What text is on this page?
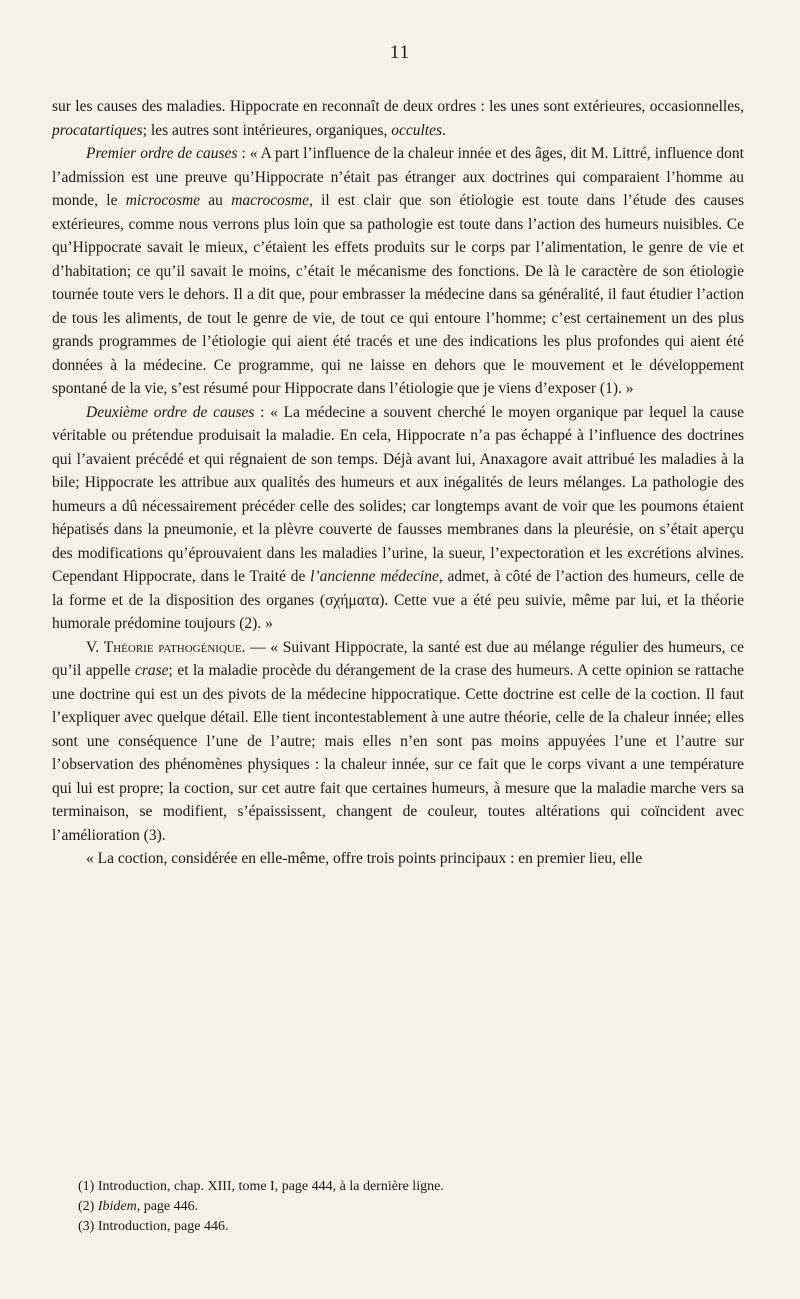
11

sur les causes des maladies. Hippocrate en reconnaît de deux ordres : les unes sont extérieures, occasionnelles, procatartiques; les autres sont intérieures, organiques, occultes.

Premier ordre de causes : « A part l’influence de la chaleur innée et des âges, dit M. Littré, influence dont l’admission est une preuve qu’Hippocrate n’était pas étranger aux doctrines qui comparaient l’homme au monde, le microcosme au macrocosme, il est clair que son étiologie est toute dans l’étude des causes extérieures, comme nous verrons plus loin que sa pathologie est toute dans l’action des humeurs nuisibles. Ce qu’Hippocrate savait le mieux, c’étaient les effets produits sur le corps par l’alimentation, le genre de vie et d’habitation; ce qu’il savait le moins, c’était le mécanisme des fonctions. De là le caractère de son étiologie tournée toute vers le dehors. Il a dit que, pour embrasser la médecine dans sa généralité, il faut étudier l’action de tous les aliments, de tout le genre de vie, de tout ce qui entoure l’homme; c’est certainement un des plus grands programmes de l’étiologie qui aient été tracés et une des indications les plus profondes qui aient été données à la médecine. Ce programme, qui ne laisse en dehors que le mouvement et le développement spontané de la vie, s’est résumé pour Hippocrate dans l’étiologie que je viens d’exposer (1). »

Deuxième ordre de causes : « La médecine a souvent cherché le moyen organique par lequel la cause véritable ou prétendue produisait la maladie. En cela, Hippocrate n’a pas échappé à l’influence des doctrines qui l’avaient précédé et qui régnaient de son temps. Déjà avant lui, Anaxagore avait attribué les maladies à la bile; Hippocrate les attribue aux qualités des humeurs et aux inégalités de leurs mélanges. La pathologie des humeurs a dû nécessairement précéder celle des solides; car longtemps avant de voir que les poumons étaient hépatisés dans la pneumonie, et la plèvre couverte de fausses membranes dans la pleurésie, on s’était aperçu des modifications qu’éprouvaient dans les maladies l’urine, la sueur, l’expectoration et les excrétions alvines. Cependant Hippocrate, dans le Traité de l’ancienne médecine, admet, à côté de l’action des humeurs, celle de la forme et de la disposition des organes (σχήματα). Cette vue a été peu suivie, même par lui, et la théorie humorale prédomine toujours (2). »

V. Théorie pathogénique. — « Suivant Hippocrate, la santé est due au mélange régulier des humeurs, ce qu’il appelle crase; et la maladie procède du dérangement de la crase des humeurs. A cette opinion se rattache une doctrine qui est un des pivots de la médecine hippocratique. Cette doctrine est celle de la coction. Il faut l’expliquer avec quelque détail. Elle tient incontestablement à une autre théorie, celle de la chaleur innée; elles sont une conséquence l’une de l’autre; mais elles n’en sont pas moins appuyées l’une et l’autre sur l’observation des phénomènes physiques : la chaleur innée, sur ce fait que le corps vivant a une température qui lui est propre; la coction, sur cet autre fait que certaines humeurs, à mesure que la maladie marche vers sa terminaison, se modifient, s’épaississent, changent de couleur, toutes altérations qui coïncident avec l’amélioration (3).

« La coction, considérée en elle-même, offre trois points principaux : en premier lieu, elle

(1) Introduction, chap. XIII, tome I, page 444, à la dernière ligne.
(2) Ibidem, page 446.
(3) Introduction, page 446.
